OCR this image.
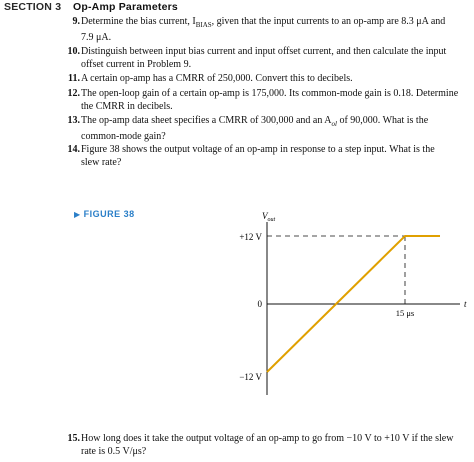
SECTION 3 Op-Amp Parameters
9. Determine the bias current, $I_{BIAS}$, given that the input currents to an op-amp are 8.3 μA and
7.9 μA.
10. Distinguish between input bias current and input offset current, and then calculate the input
offset current in Problem 9.
11. A certain op-amp has a CMRR of 250,000. Convert this to decibels.
12. The open-loop gain of a certain op-amp is 175,000. Its common-mode gain is 0.18. Determine
the CMRR in decibels.
13. The op-amp data sheet specifies a CMRR of 300,000 and an $A_{ol}$ of 90,000. What is the
common-mode gain?
14. Figure 38 shows the output voltage of an op-amp in response to a step input. What is the
slew rate?
▶ FIGURE 38
+12 V
0
−12 V
15 μs
$V_{out}$
t
15. How long does it take the output voltage of an op-amp to go from −10 V to +10 V if the slew
rate is 0.5 V/μs?
